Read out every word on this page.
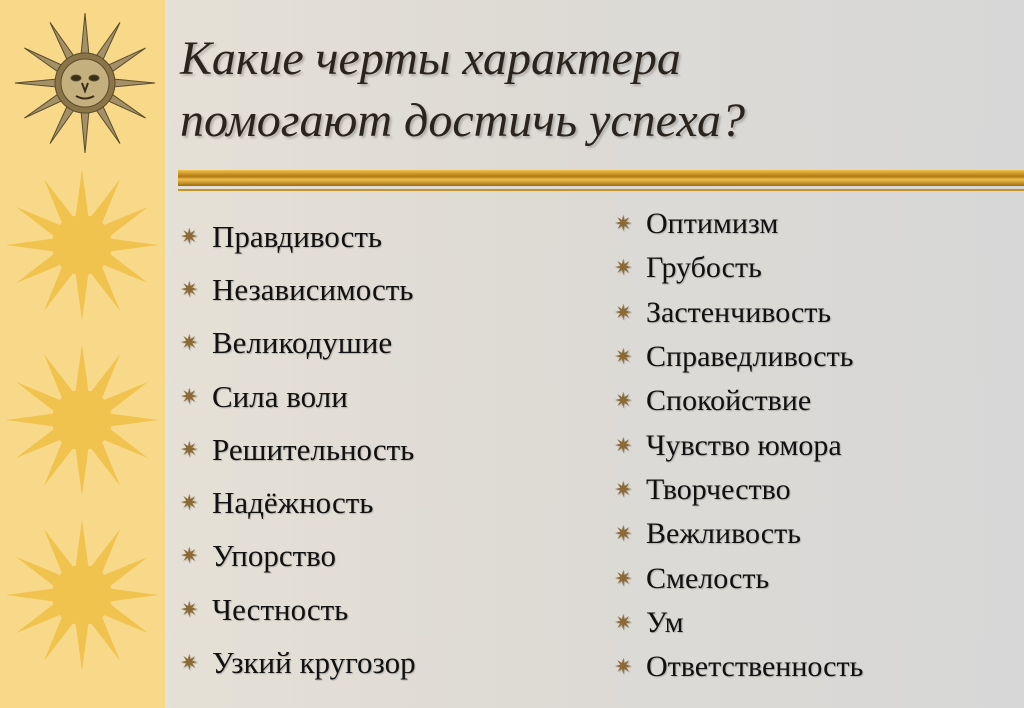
Какие черты характера
помогают достичь успеха?
✷ Правдивость
✷ Независимость
✷ Великодушие
✷ Сила воли
✷ Решительность
✷ Надёжность
✷ Упорство
✷ Честность
✷ Узкий кругозор
✷ Оптимизм
✷ Грубость
✷ Застенчивость
✷ Справедливость
✷ Спокойствие
✷ Чувство юмора
✷ Творчество
✷ Вежливость
✷ Смелость
✷ Ум
✷ Ответственность
